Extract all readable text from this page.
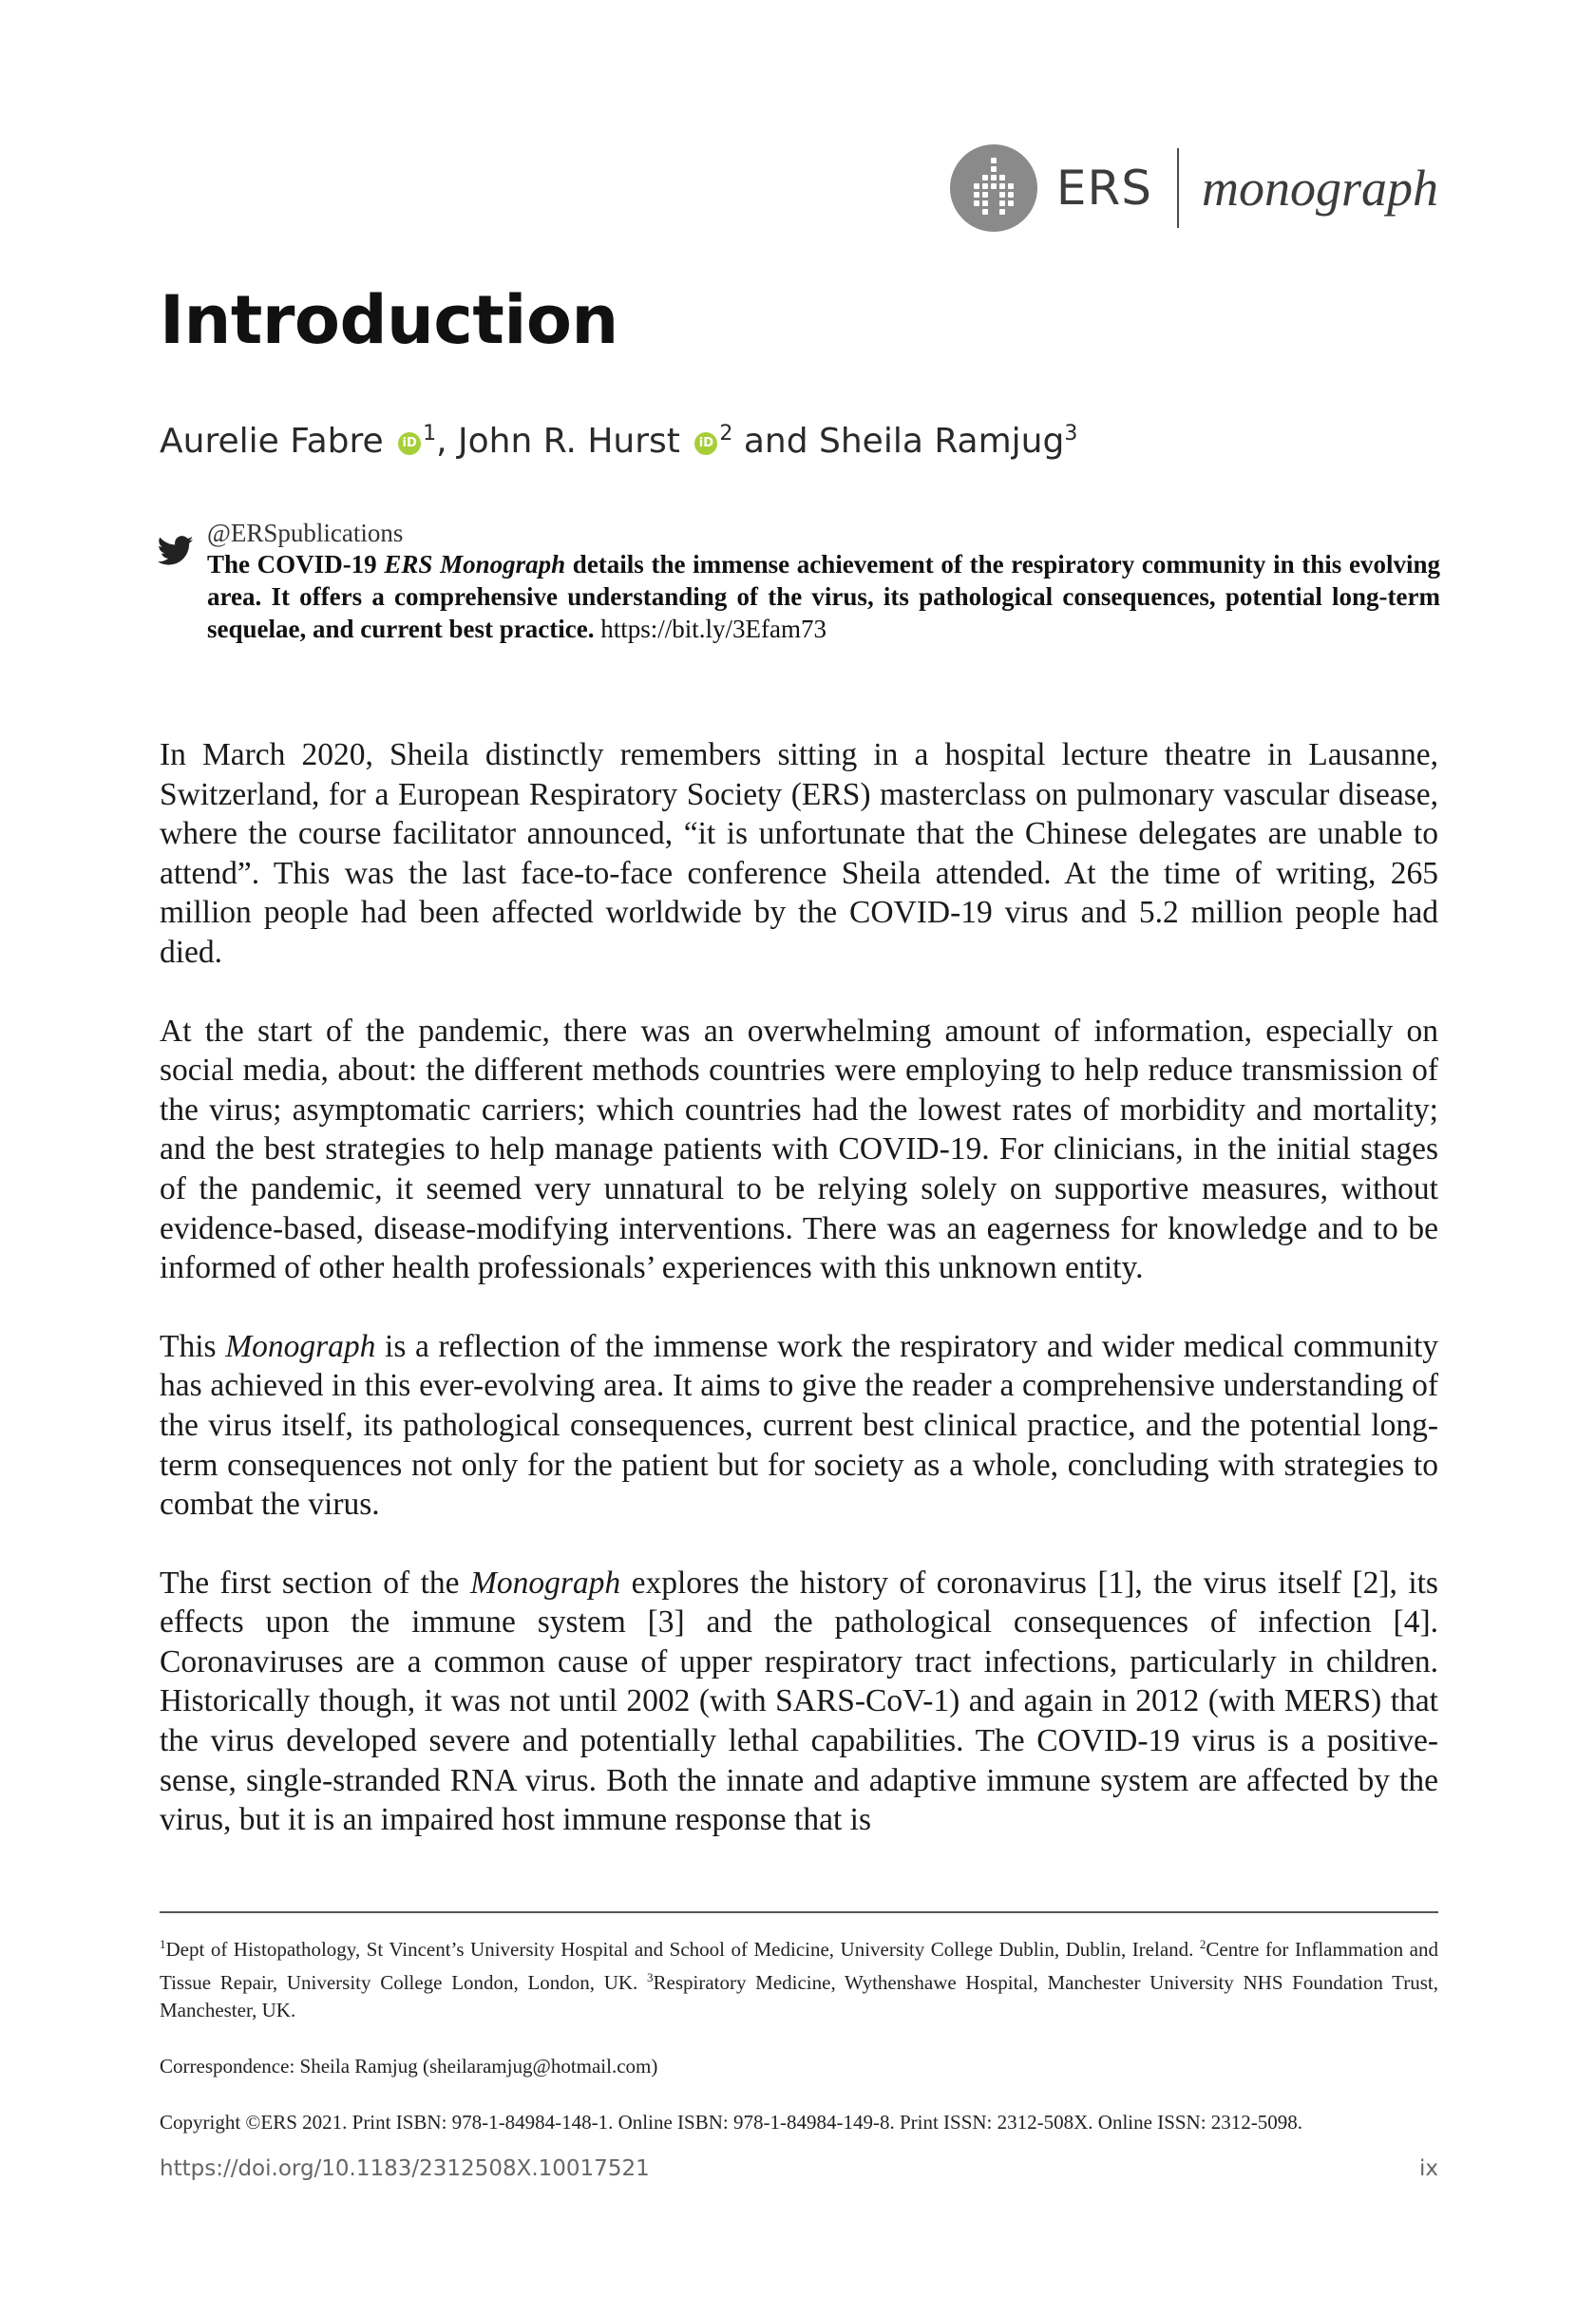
ERS monograph
Introduction
Aurelie Fabre iD $^1$, John R. Hurst iD $^2$ and Sheila Ramjug$^3$
@ERSpublications
The COVID-19 ERS Monograph details the immense achievement of the respiratory community in this evolving area. It offers a comprehensive understanding of the virus, its pathological consequences, potential long-term sequelae, and current best practice. https://bit.ly/3Efam73

In March 2020, Sheila distinctly remembers sitting in a hospital lecture theatre in Lausanne, Switzerland, for a European Respiratory Society (ERS) masterclass on pulmonary vascular disease, where the course facilitator announced, “it is unfortunate that the Chinese delegates are unable to attend”. This was the last face-to-face conference Sheila attended. At the time of writing, 265 million people had been affected worldwide by the COVID-19 virus and 5.2 million people had died.

At the start of the pandemic, there was an overwhelming amount of information, especially on social media, about: the different methods countries were employing to help reduce transmission of the virus; asymptomatic carriers; which countries had the lowest rates of morbidity and mortality; and the best strategies to help manage patients with COVID-19. For clinicians, in the initial stages of the pandemic, it seemed very unnatural to be relying solely on supportive measures, without evidence-based, disease-modifying interventions. There was an eagerness for knowledge and to be informed of other health professionals’ experiences with this unknown entity.

This Monograph is a reflection of the immense work the respiratory and wider medical community has achieved in this ever-evolving area. It aims to give the reader a comprehensive understanding of the virus itself, its pathological consequences, current best clinical practice, and the potential long-term consequences not only for the patient but for society as a whole, concluding with strategies to combat the virus.

The first section of the Monograph explores the history of coronavirus [1], the virus itself [2], its effects upon the immune system [3] and the pathological consequences of infection [4]. Coronaviruses are a common cause of upper respiratory tract infections, particularly in children. Historically though, it was not until 2002 (with SARS-CoV-1) and again in 2012 (with MERS) that the virus developed severe and potentially lethal capabilities. The COVID-19 virus is a positive-sense, single-stranded RNA virus. Both the innate and adaptive immune system are affected by the virus, but it is an impaired host immune response that is

$^1$Dept of Histopathology, St Vincent’s University Hospital and School of Medicine, University College Dublin, Dublin, Ireland. $^2$Centre for Inflammation and Tissue Repair, University College London, London, UK. $^3$Respiratory Medicine, Wythenshawe Hospital, Manchester University NHS Foundation Trust, Manchester, UK.

Correspondence: Sheila Ramjug (sheilaramjug@hotmail.com)

Copyright ©ERS 2021. Print ISBN: 978-1-84984-148-1. Online ISBN: 978-1-84984-149-8. Print ISSN: 2312-508X. Online ISSN: 2312-5098.

https://doi.org/10.1183/2312508X.10017521	ix
